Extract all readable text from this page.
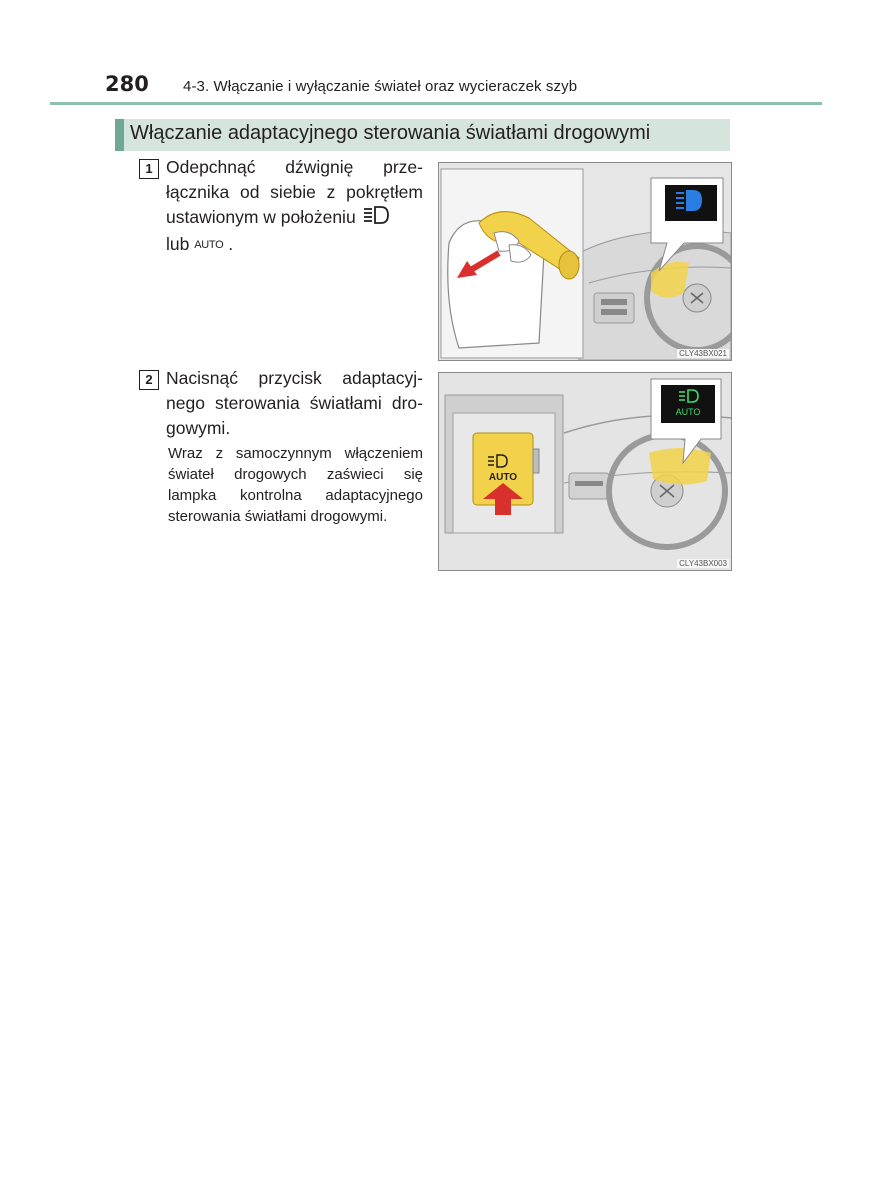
280 4-3. Włączanie i wyłączanie świateł oraz wycieraczek szyb
Włączanie adaptacyjnego sterowania światłami drogowymi
1 Odepchnąć dźwignię prze- łącznika od siebie z pokrętłem ustawionym w położeniu
lub AUTO .
CLY43BX021
2 Nacisnąć przycisk adaptacyj- nego sterowania światłami dro- gowymi.
Wraz z samoczynnym włączeniem świateł drogowych zaświeci się lampka kontrolna adaptacyjnego sterowania światłami drogowymi.
AUTO
AUTO
CLY43BX003
